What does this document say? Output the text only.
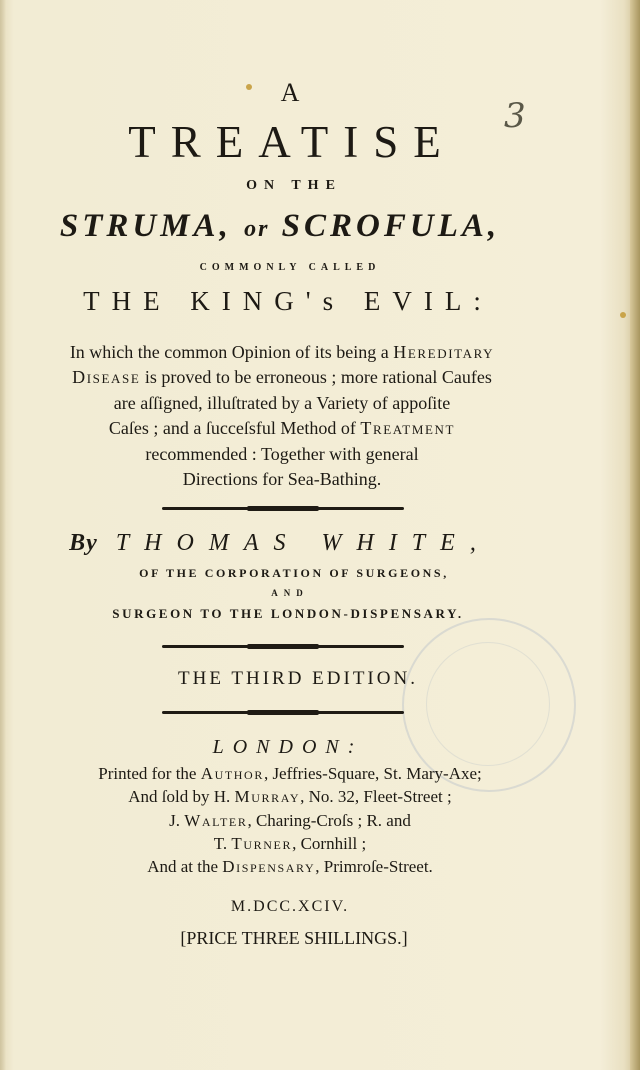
3
A
TREATISE
ON THE
STRUMA, or SCROFULA,
COMMONLY CALLED
THE KING's EVIL:
In which the common Opinion of its being a Hereditary
Disease is proved to be erroneous ; more rational Caufes
are aſſigned, illuſtrated by a Variety of appoſite
Caſes ; and a ſucceſsful Method of Treatment
recommended : Together with general
Directions for Sea-Bathing.
By THOMAS WHITE,
OF THE CORPORATION OF SURGEONS,
AND
SURGEON TO THE LONDON-DISPENSARY.
THE THIRD EDITION.
LONDON:
Printed for the Author, Jeffries-Square, St. Mary-Axe;
And ſold by H. Murray, No. 32, Fleet-Street ;
J. Walter, Charing-Croſs ; R. and
T. Turner, Cornhill ;
And at the Dispensary, Primroſe-Street.
M.DCC.XCIV.
[PRICE THREE SHILLINGS.]
